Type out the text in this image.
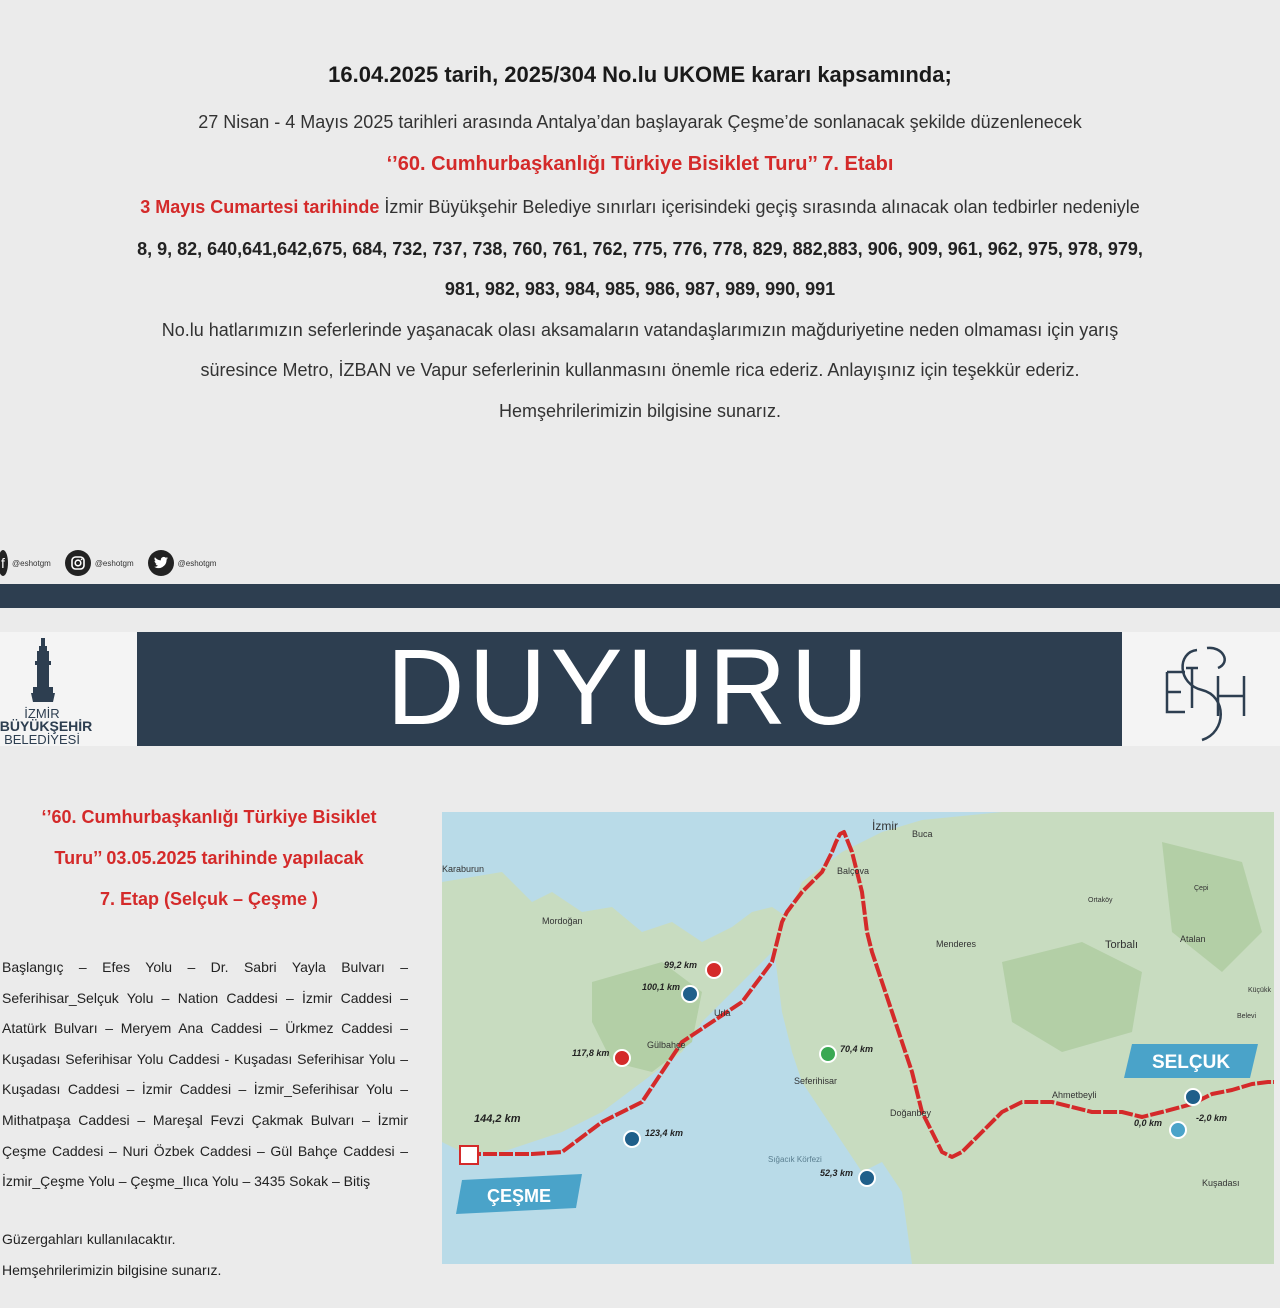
16.04.2025 tarih, 2025/304 No.lu UKOME kararı kapsamında;
27 Nisan - 4 Mayıs 2025 tarihleri arasında Antalya’dan başlayarak Çeşme’de sonlanacak şekilde düzenlenecek
‘’60. Cumhurbaşkanlığı Türkiye Bisiklet Turu’’ 7. Etabı
3 Mayıs Cumartesi tarihinde İzmir Büyükşehir Belediye sınırları içerisindeki geçiş sırasında alınacak olan tedbirler nedeniyle
8, 9, 82, 640,641,642,675, 684, 732, 737, 738, 760, 761, 762, 775, 776, 778, 829, 882,883, 906, 909, 961, 962, 975, 978, 979,
981, 982, 983, 984, 985, 986, 987, 989, 990, 991
No.lu hatlarımızın seferlerinde yaşanacak olası aksamaların vatandaşlarımızın mağduriyetine neden olmaması için yarış
süresince Metro, İZBAN ve Vapur seferlerinin kullanmasını önemle rica ederiz. Anlayışınız için teşekkür ederiz.
Hemşehrilerimizin bilgisine sunarız.
f @eshotgm	@eshotgm	@eshotgm
İZMİR
BÜYÜKŞEHİR
BELEDİYESİ	DUYURU	ESHOT
‘’60. Cumhurbaşkanlığı Türkiye Bisiklet
Turu’’ 03.05.2025 tarihinde yapılacak
7. Etap (Selçuk – Çeşme )
Başlangıç – Efes Yolu – Dr. Sabri Yayla Bulvarı – Seferihisar_Selçuk Yolu – Nation Caddesi – İzmir Caddesi – Atatürk Bulvarı – Meryem Ana Caddesi – Ürkmez Caddesi – Kuşadası Seferihisar Yolu Caddesi - Kuşadası Seferihisar Yolu – Kuşadası Caddesi – İzmir Caddesi – İzmir_Seferihisar Yolu – Mithatpaşa Caddesi – Mareşal Fevzi Çakmak Bulvarı – İzmir Çeşme Caddesi – Nuri Özbek Caddesi – Gül Bahçe Caddesi – İzmir_Çeşme Yolu – Çeşme_Ilıca Yolu – 3435 Sokak – Bitiş
Güzergahları kullanılacaktır.
Hemşehrilerimizin bilgisine sunarız.
İzmir
Buca
Karaburun	Balçova
Mordoğan
Menderes	Torbalı	Atalan
Ortaköy
Çepi
Küçükk
Belevi
Urla
Gülbahçe
Seferihisar
Doğanbey
Ahmetbeyli
Kuşadası
Sığacık Körfezi
SELÇUK
ÇEŞME
0,0 km	-2,0 km
52,3 km
70,4 km
99,2 km
100,1 km
117,8 km
123,4 km
144,2 km
